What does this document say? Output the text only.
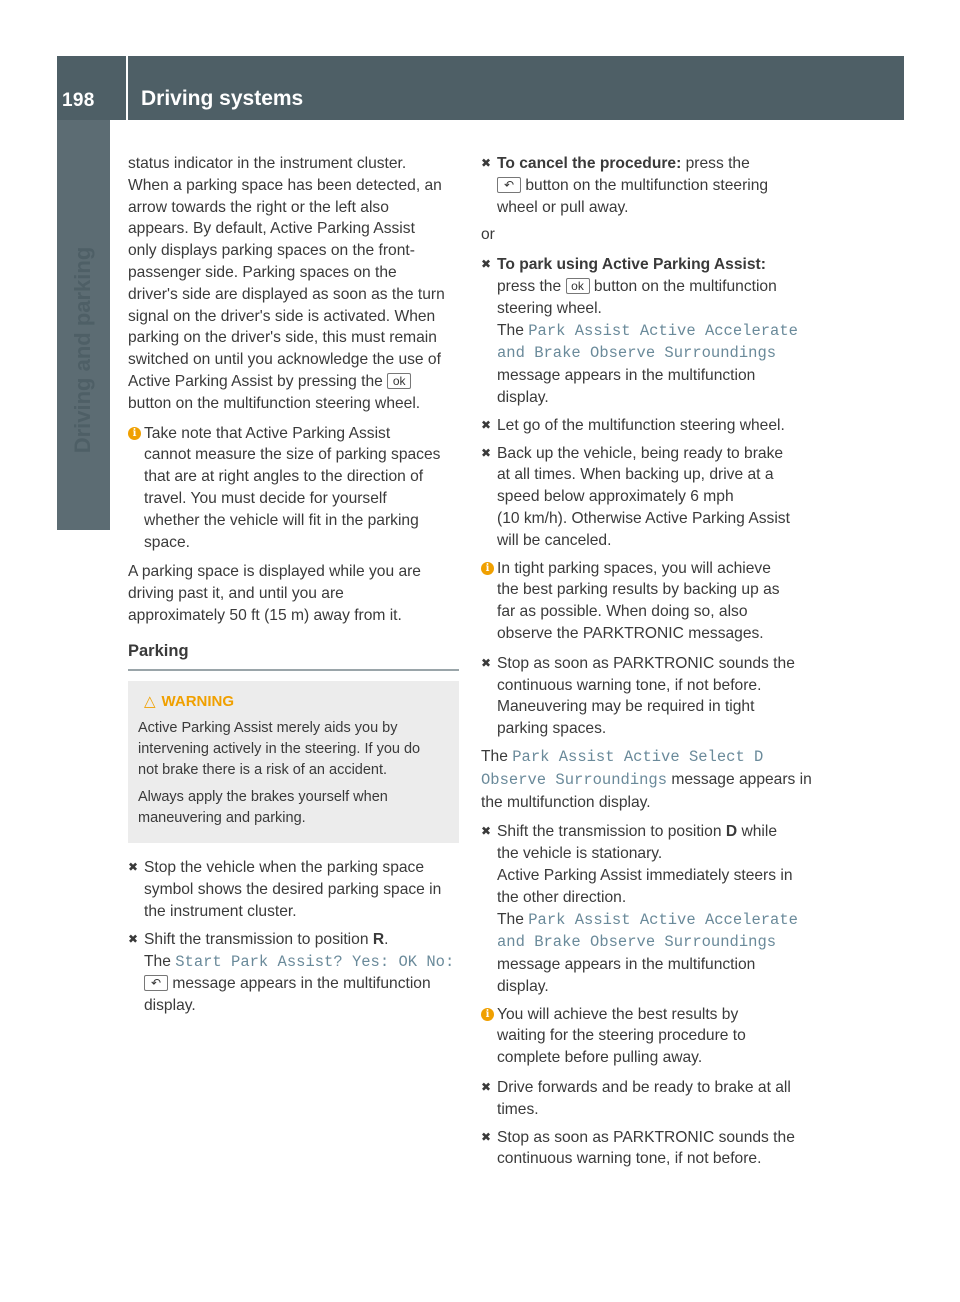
198	Driving systems
Driving and parking

status indicator in the instrument cluster.
When a parking space has been detected, an
arrow towards the right or the left also
appears. By default, Active Parking Assist
only displays parking spaces on the front-
passenger side. Parking spaces on the
driver's side are displayed as soon as the turn
signal on the driver's side is activated. When
parking on the driver's side, this must remain
switched on until you acknowledge the use of
Active Parking Assist by pressing the ok
button on the multifunction steering wheel.

i Take note that Active Parking Assist
cannot measure the size of parking spaces
that are at right angles to the direction of
travel. You must decide for yourself
whether the vehicle will fit in the parking
space.

A parking space is displayed while you are
driving past it, and until you are
approximately 50 ft (15 m) away from it.

Parking
△ WARNING

Active Parking Assist merely aids you by
intervening actively in the steering. If you do
not brake there is a risk of an accident.

Always apply the brakes yourself when
maneuvering and parking.

✖ Stop the vehicle when the parking space
symbol shows the desired parking space in
the instrument cluster.
✖ Shift the transmission to position R.
The Start Park Assist? Yes: OK No:
↶ message appears in the multifunction
display.
✖ To cancel the procedure: press the
↶ button on the multifunction steering
wheel or pull away.

or

✖ To park using Active Parking Assist:
press the ok button on the multifunction
steering wheel.
The Park Assist Active Accelerate
and Brake Observe Surroundings
message appears in the multifunction
display.
✖ Let go of the multifunction steering wheel.
✖ Back up the vehicle, being ready to brake
at all times. When backing up, drive at a
speed below approximately 6 mph
(10 km/h). Otherwise Active Parking Assist
will be canceled.
i In tight parking spaces, you will achieve
the best parking results by backing up as
far as possible. When doing so, also
observe the PARKTRONIC messages.
✖ Stop as soon as PARKTRONIC sounds the
continuous warning tone, if not before.
Maneuvering may be required in tight
parking spaces.

The Park Assist Active Select D
Observe Surroundings message appears in
the multifunction display.

✖ Shift the transmission to position D while
the vehicle is stationary.
Active Parking Assist immediately steers in
the other direction.
The Park Assist Active Accelerate
and Brake Observe Surroundings
message appears in the multifunction
display.
i You will achieve the best results by
waiting for the steering procedure to
complete before pulling away.
✖ Drive forwards and be ready to brake at all
times.
✖ Stop as soon as PARKTRONIC sounds the
continuous warning tone, if not before.
